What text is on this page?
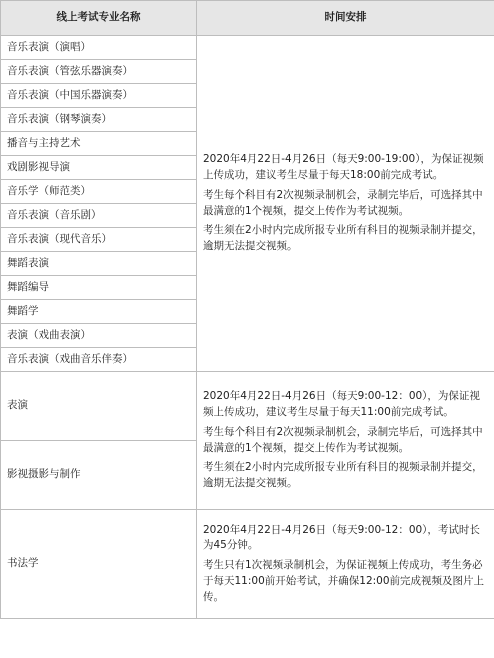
线上考试专业名称	时间安排
音乐表演（演唱）	2020年4月22日-4月26日（每天9:00-19:00），为保证视频上传成功，建议考生尽量于每天18:00前完成考试。

考生每个科目有2次视频录制机会，录制完毕后，可选择其中最满意的1个视频，提交上传作为考试视频。

考生须在2小时内完成所报专业所有科目的视频录制并提交，逾期无法提交视频。

音乐表演（管弦乐器演奏）	
音乐表演（中国乐器演奏）	
音乐表演（钢琴演奏）	
播音与主持艺术	
戏剧影视导演	
音乐学（师范类）	
音乐表演（音乐剧）	
音乐表演（现代音乐）	
舞蹈表演	
舞蹈编导	
舞蹈学	
表演（戏曲表演）	
音乐表演（戏曲音乐伴奏）	
表演	2020年4月22日-4月26日（每天9:00-12：00），为保证视频上传成功，建议考生尽量于每天11:00前完成考试。

考生每个科目有2次视频录制机会，录制完毕后，可选择其中最满意的1个视频，提交上传作为考试视频。

考生须在2小时内完成所报专业所有科目的视频录制并提交，逾期无法提交视频。

影视摄影与制作	
书法学	2020年4月22日-4月26日（每天9:00-12：00），考试时长为45分钟。

考生只有1次视频录制机会，为保证视频上传成功，考生务必于每天11:00前开始考试，并确保12:00前完成视频及图片上传。
